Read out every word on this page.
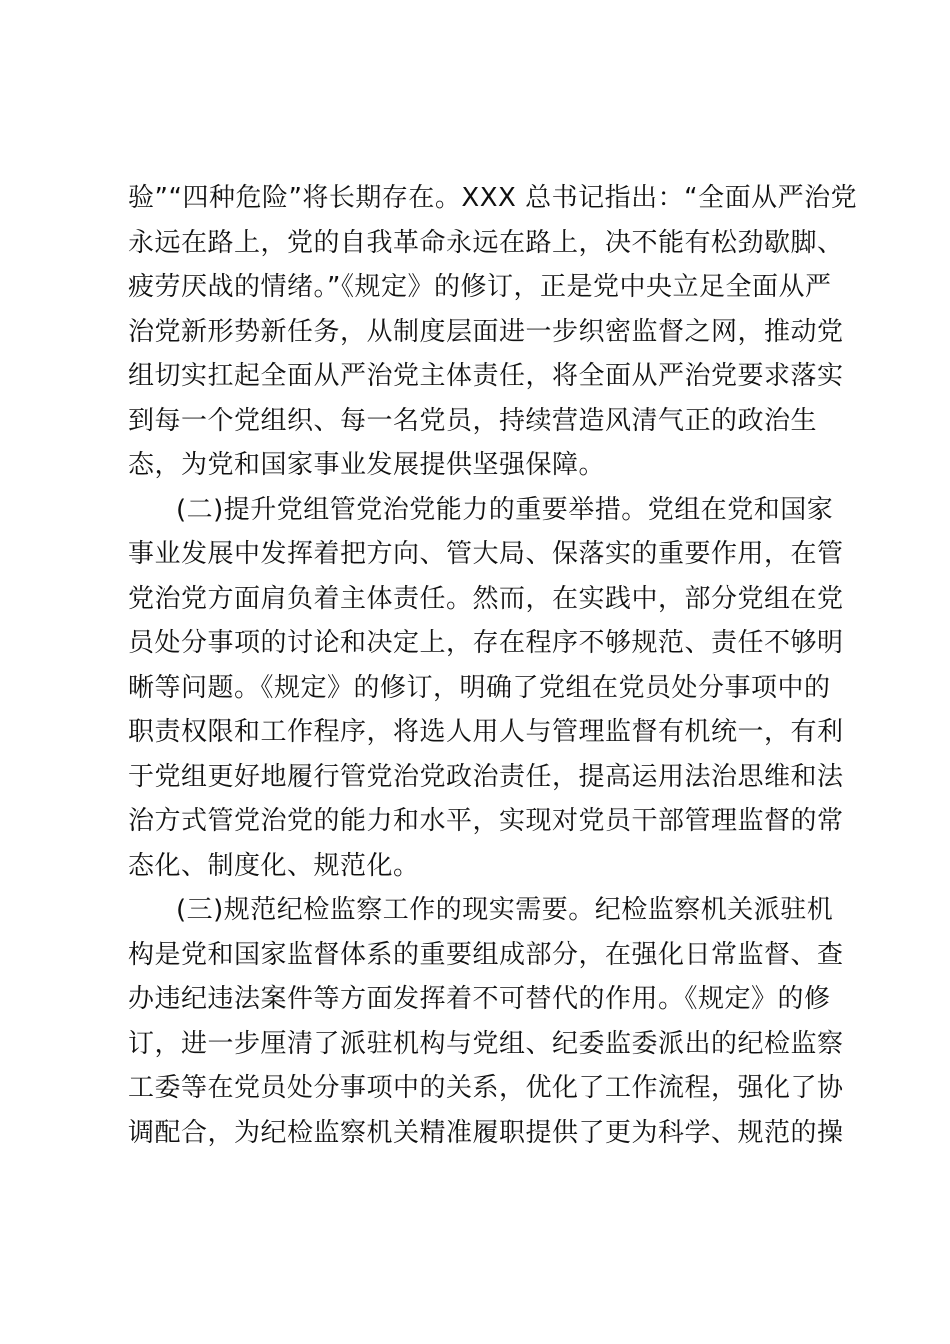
验”“四种危险”将长期存在。XXX 总书记指出：“全面从严治党
永远在路上，党的自我革命永远在路上，决不能有松劲歇脚、
疲劳厌战的情绪。”《规定》的修订，正是党中央立足全面从严
治党新形势新任务，从制度层面进一步织密监督之网，推动党
组切实扛起全面从严治党主体责任，将全面从严治党要求落实
到每一个党组织、每一名党员，持续营造风清气正的政治生
态，为党和国家事业发展提供坚强保障。
(二)提升党组管党治党能力的重要举措。党组在党和国家
事业发展中发挥着把方向、管大局、保落实的重要作用，在管
党治党方面肩负着主体责任。然而，在实践中，部分党组在党
员处分事项的讨论和决定上，存在程序不够规范、责任不够明
晰等问题。《规定》的修订，明确了党组在党员处分事项中的
职责权限和工作程序，将选人用人与管理监督有机统一，有利
于党组更好地履行管党治党政治责任，提高运用法治思维和法
治方式管党治党的能力和水平，实现对党员干部管理监督的常
态化、制度化、规范化。
(三)规范纪检监察工作的现实需要。纪检监察机关派驻机
构是党和国家监督体系的重要组成部分，在强化日常监督、查
办违纪违法案件等方面发挥着不可替代的作用。《规定》的修
订，进一步厘清了派驻机构与党组、纪委监委派出的纪检监察
工委等在党员处分事项中的关系，优化了工作流程，强化了协
调配合，为纪检监察机关精准履职提供了更为科学、规范的操
